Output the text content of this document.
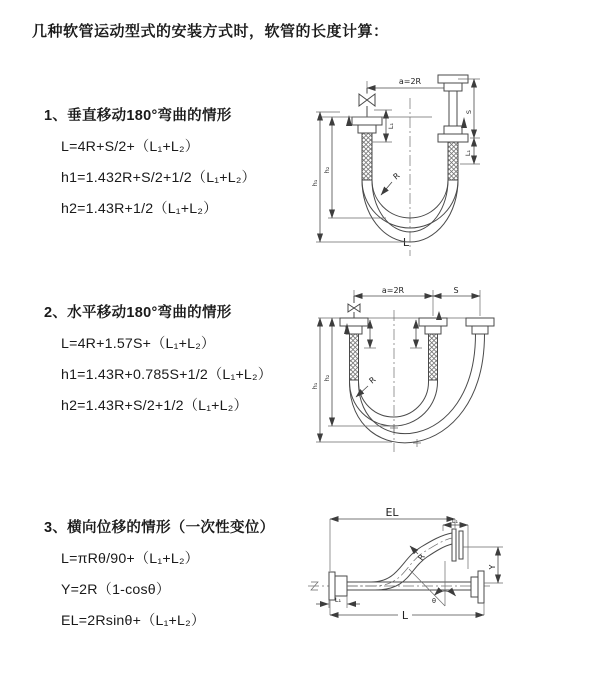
几种软管运动型式的安装方式时，软管的长度计算：
1、垂直移动180°弯曲的情形

L=4R+S/2+（L₁+L₂）

h1=1.432R+S/2+1/2（L₁+L₂）

h2=1.43R+1/2（L₁+L₂）

a=2R
R
L
h₁
h₂
S
L₁
L₁
2、水平移动180°弯曲的情形

L=4R+1.57S+（L₁+L₂）

h1=1.43R+0.785S+1/2（L₁+L₂）

h2=1.43R+S/2+1/2（L₁+L₂）

a=2R	S
R
h₁
h₂
3、横向位移的情形（一次性变位）

L=πRθ/90+（L₁+L₂）

Y=2R（1-cosθ）

EL=2Rsinθ+（L₁+L₂）

EL
L₁
Y
R
θ
L
L₁
